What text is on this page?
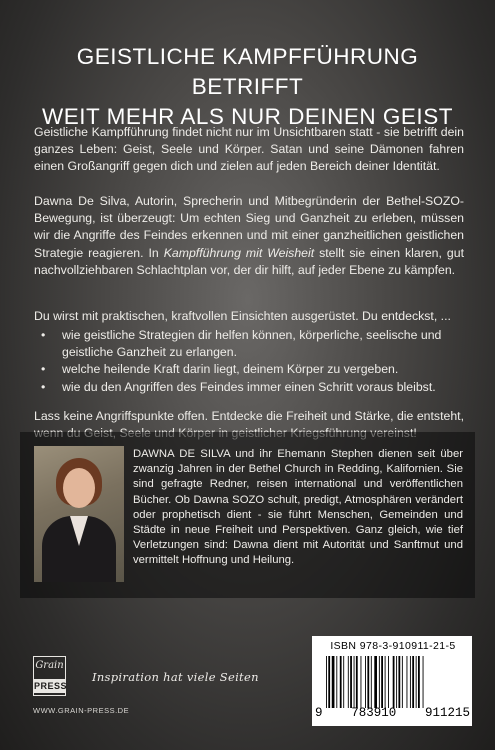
GEISTLICHE KAMPFFÜHRUNG BETRIFFT
WEIT MEHR ALS NUR DEINEN GEIST

Geistliche Kampfführung findet nicht nur im Unsichtbaren statt - sie betrifft dein ganzes Leben: Geist, Seele und Körper. Satan und seine Dämonen fahren einen Großangriff gegen dich und zielen auf jeden Bereich deiner Identität.

Dawna De Silva, Autorin, Sprecherin und Mitbegründerin der Bethel-SOZO-Bewegung, ist überzeugt: Um echten Sieg und Ganzheit zu erleben, müssen wir die Angriffe des Feindes erkennen und mit einer ganzheitlichen geistlichen Strategie reagieren. In Kampfführung mit Weisheit stellt sie einen klaren, gut nachvollziehbaren Schlachtplan vor, der dir hilft, auf jeder Ebene zu kämpfen.

Du wirst mit praktischen, kraftvollen Einsichten ausgerüstet. Du entdeckst, ...

• wie geistliche Strategien dir helfen können, körperliche, seelische und geistliche Ganzheit zu erlangen.
• welche heilende Kraft darin liegt, deinem Körper zu vergeben.
• wie du den Angriffen des Feindes immer einen Schritt voraus bleibst.

Lass keine Angriffspunkte offen. Entdecke die Freiheit und Stärke, die entsteht,

DAWNA DE SILVA und ihr Ehemann Stephen dienen seit über zwanzig Jahren in der Bethel Church in Redding, Kalifornien. Sie sind gefragte Redner, reisen international und veröffentlichen Bücher. Ob Dawna SOZO schult, predigt, Atmosphären verändert oder prophetisch dient - sie führt Menschen, Gemeinden und Städte in neue Freiheit und Perspektiven. Ganz gleich, wie tief Verletzungen sind: Dawna dient mit Autorität und Sanftmut und vermittelt Hoffnung und Heilung.

Grain
PRESS
Inspiration hat viele Seiten
WWW.GRAIN-PRESS.DE
ISBN 978-3-910911-21-5
9 783910 911215
